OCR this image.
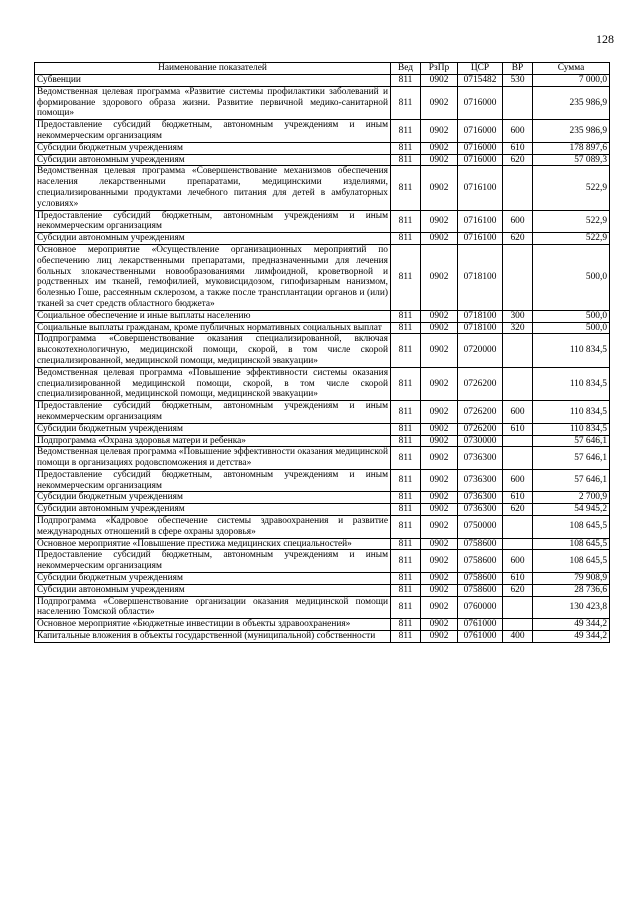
128
Наименование показателей	Вед	РзПр	ЦСР	ВР	Сумма
Субвенции	811	0902	0715482	530	7 000,0
Ведомственная целевая программа «Развитие системы профилактики заболеваний и формирование здорового образа жизни. Развитие первичной медико-санитарной помощи»	811	0902	0716000		235 986,9
Предоставление субсидий бюджетным, автономным учреждениям и иным некоммерческим организациям	811	0902	0716000	600	235 986,9
Субсидии бюджетным учреждениям	811	0902	0716000	610	178 897,6
Субсидии автономным учреждениям	811	0902	0716000	620	57 089,3
Ведомственная целевая программа «Совершенствование механизмов обеспечения населения лекарственными препаратами, медицинскими изделиями, специализированными продуктами лечебного питания для детей в амбулаторных условиях»	811	0902	0716100		522,9
Предоставление субсидий бюджетным, автономным учреждениям и иным некоммерческим организациям	811	0902	0716100	600	522,9
Субсидии автономным учреждениям	811	0902	0716100	620	522,9
Основное мероприятие «Осуществление организационных мероприятий по обеспечению лиц лекарственными препаратами, предназначенными для лечения больных злокачественными новообразованиями лимфоидной, кроветворной и родственных им тканей, гемофилией, муковисцидозом, гипофизарным нанизмом, болезнью Гоше, рассеянным склерозом, а также после трансплантации органов и (или) тканей за счет средств областного бюджета»	811	0902	0718100		500,0
Социальное обеспечение и иные выплаты населению	811	0902	0718100	300	500,0
Социальные выплаты гражданам, кроме публичных нормативных социальных выплат	811	0902	0718100	320	500,0
Подпрограмма «Совершенствование оказания специализированной, включая высокотехнологичную, медицинской помощи, скорой, в том числе скорой специализированной, медицинской помощи, медицинской эвакуации»	811	0902	0720000		110 834,5
Ведомственная целевая программа «Повышение эффективности системы оказания специализированной медицинской помощи, скорой, в том числе скорой специализированной, медицинской помощи, медицинской эвакуации»	811	0902	0726200		110 834,5
Предоставление субсидий бюджетным, автономным учреждениям и иным некоммерческим организациям	811	0902	0726200	600	110 834,5
Субсидии бюджетным учреждениям	811	0902	0726200	610	110 834,5
Подпрограмма «Охрана здоровья матери и ребенка»	811	0902	0730000		57 646,1
Ведомственная целевая программа «Повышение эффективности оказания медицинской помощи в организациях родовспоможения и детства»	811	0902	0736300		57 646,1
Предоставление субсидий бюджетным, автономным учреждениям и иным некоммерческим организациям	811	0902	0736300	600	57 646,1
Субсидии бюджетным учреждениям	811	0902	0736300	610	2 700,9
Субсидии автономным учреждениям	811	0902	0736300	620	54 945,2
Подпрограмма «Кадровое обеспечение системы здравоохранения и развитие международных отношений в сфере охраны здоровья»	811	0902	0750000		108 645,5
Основное мероприятие «Повышение престижа медицинских специальностей»	811	0902	0758600		108 645,5
Предоставление субсидий бюджетным, автономным учреждениям и иным некоммерческим организациям	811	0902	0758600	600	108 645,5
Субсидии бюджетным учреждениям	811	0902	0758600	610	79 908,9
Субсидии автономным учреждениям	811	0902	0758600	620	28 736,6
Подпрограмма «Совершенствование организации оказания медицинской помощи населению Томской области»	811	0902	0760000		130 423,8
Основное мероприятие «Бюджетные инвестиции в объекты здравоохранения»	811	0902	0761000		49 344,2
Капитальные вложения в объекты государственной (муниципальной) собственности	811	0902	0761000	400	49 344,2
